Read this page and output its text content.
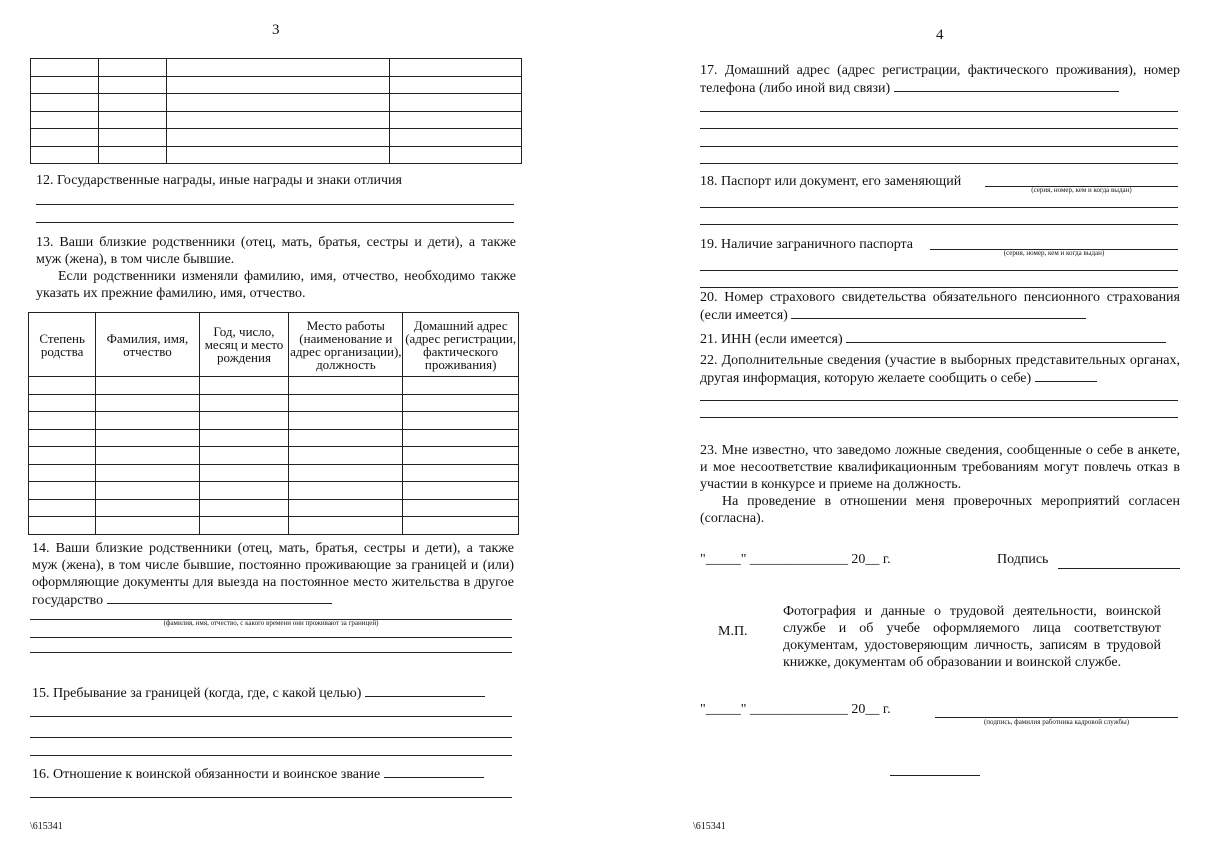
3

12. Государственные награды, иные награды и знаки отличия
13. Ваши близкие родственники (отец, мать, братья, сестры и дети), а также муж (жена), в том числе бывшие.
Если родственники изменяли фамилию, имя, отчество, необходимо также указать их прежние фамилию, имя, отчество.
Степень родства	Фамилия, имя, отчество	Год, число, месяц и место рождения	Место работы (наименование и адрес организации), должность	Домашний адрес (адрес регистрации, фактического проживания)

14. Ваши близкие родственники (отец, мать, братья, сестры и дети), а также муж (жена), в том числе бывшие, постоянно проживающие за границей и (или) оформляющие документы для выезда на постоянное место жительства в другое государство
(фамилия, имя, отчество, с какого времени они проживают за границей)
15. Пребывание за границей (когда, где, с какой целью)
16. Отношение к воинской обязанности и воинское звание
\615341
4
17. Домашний адрес (адрес регистрации, фактического проживания), номер телефона (либо иной вид связи)
18. Паспорт или документ, его заменяющий
(серия, номер, кем и когда выдан)
19. Наличие заграничного паспорта
(серия, номер, кем и когда выдан)
20. Номер страхового свидетельства обязательного пенсионного страхования (если имеется)
21. ИНН (если имеется)
22. Дополнительные сведения (участие в выборных представительных органах, другая информация, которую желаете сообщить о себе)
23. Мне известно, что заведомо ложные сведения, сообщенные о себе в анкете, и мое несоответствие квалификационным требованиям могут повлечь отказ в участии в конкурсе и приеме на должность.
На проведение в отношении меня проверочных мероприятий согласен (согласна).
"_____" ______________ 20__ г.	Подпись
М.П.
Фотография и данные о трудовой деятельности, воинской службе и об учебе оформляемого лица соответствуют документам, удостоверяющим личность, записям в трудовой книжке, документам об образовании и воинской службе.
"_____" ______________ 20__ г.
(подпись, фамилия работника кадровой службы)
\615341
